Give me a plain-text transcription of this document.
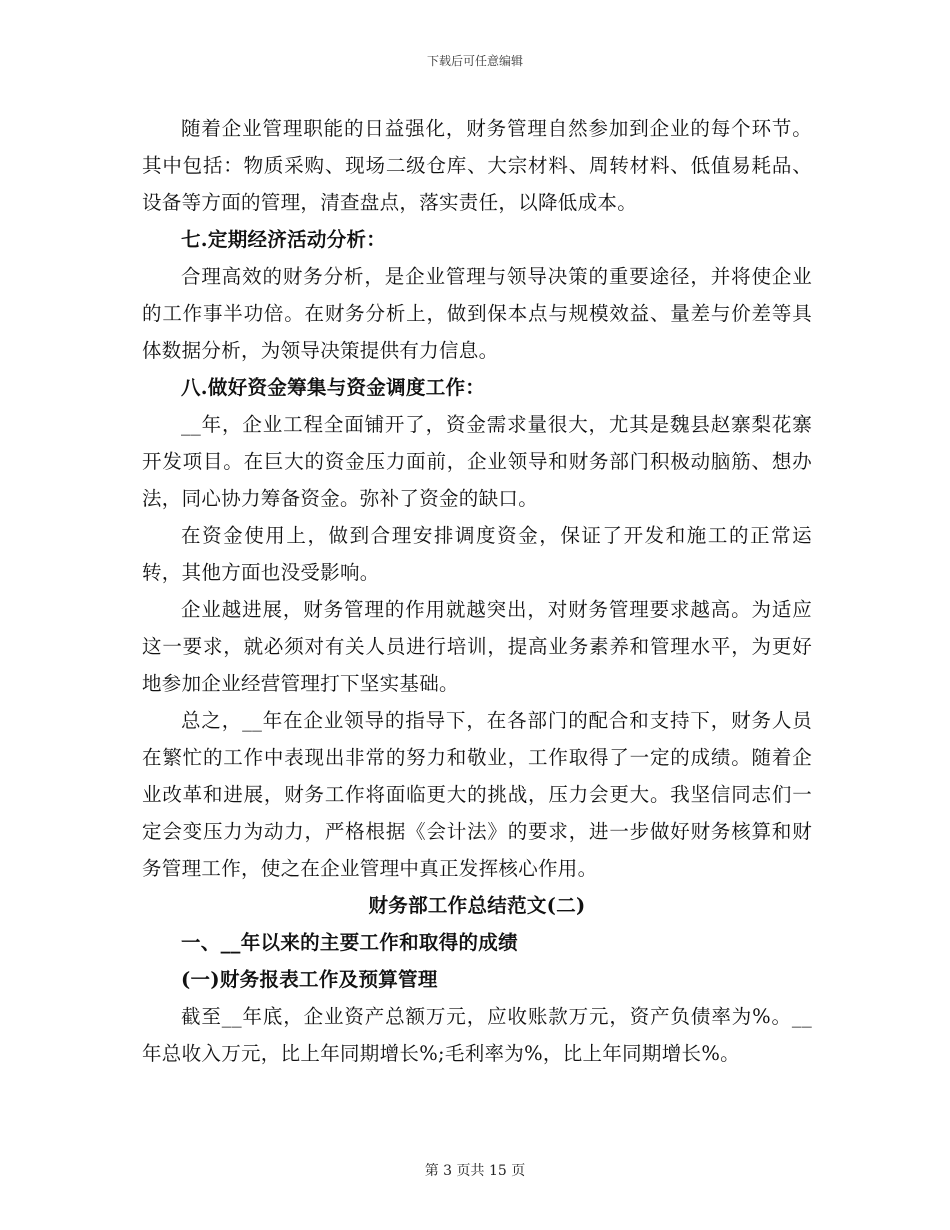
下载后可任意编辑

随着企业管理职能的日益强化，财务管理自然参加到企业的每个环节。其中包括：物质采购、现场二级仓库、大宗材料、周转材料、低值易耗品、设备等方面的管理，清查盘点，落实责任，以降低成本。

七.定期经济活动分析：

合理高效的财务分析，是企业管理与领导决策的重要途径，并将使企业的工作事半功倍。在财务分析上，做到保本点与规模效益、量差与价差等具体数据分析，为领导决策提供有力信息。

八.做好资金筹集与资金调度工作：

__年，企业工程全面铺开了，资金需求量很大，尤其是魏县赵寨梨花寨开发项目。在巨大的资金压力面前，企业领导和财务部门积极动脑筋、想办法，同心协力筹备资金。弥补了资金的缺口。

在资金使用上，做到合理安排调度资金，保证了开发和施工的正常运转，其他方面也没受影响。

企业越进展，财务管理的作用就越突出，对财务管理要求越高。为适应这一要求，就必须对有关人员进行培训，提高业务素养和管理水平，为更好地参加企业经营管理打下坚实基础。

总之，__年在企业领导的指导下，在各部门的配合和支持下，财务人员在繁忙的工作中表现出非常的努力和敬业，工作取得了一定的成绩。随着企业改革和进展，财务工作将面临更大的挑战，压力会更大。我坚信同志们一定会变压力为动力，严格根据《会计法》的要求，进一步做好财务核算和财务管理工作，使之在企业管理中真正发挥核心作用。

财务部工作总结范文(二)

一、__年以来的主要工作和取得的成绩

(一)财务报表工作及预算管理

截至__年底，企业资产总额万元，应收账款万元，资产负债率为%。__年总收入万元，比上年同期增长%;毛利率为%，比上年同期增长%。

第 3 页共 15 页
